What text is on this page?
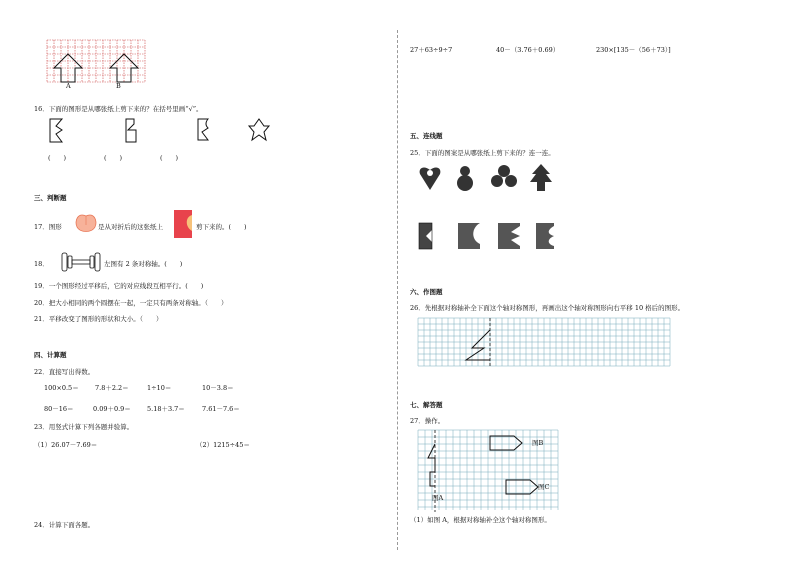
A	B
16．下面的图形是从哪张纸上剪下来的？在括号里画“√”。
(　　)	(　　)	(　　)
三、判断题
17．图形	是从对折后的这张纸上	剪下来的。(　　)
18．	左图有 2 条对称轴。(　　)
19．一个图形经过平移后，它的对应线段互相平行。(　　)
20．把大小相同的两个圆摆在一起，一定只有两条对称轴。（　　）
21．平移改变了图形的形状和大小。（　　）
四、计算题
22．直接写出得数。
100×0.5＝	7.8＋2.2＝	1÷10＝	10－3.8＝
80－16＝	0.09＋0.9＝ 5.18＋3.7＝	7.61－7.6＝
23．用竖式计算下列各题并验算。
（1）26.07－7.69＝	（2）1215÷45＝
24．计算下面各题。
27＋63÷9÷7	40－（3.76＋0.69）	230×[135－（56＋73）]
五、连线题
25．下面的图案是从哪张纸上剪下来的？连一连。
六、作图题
26．先根据对称轴补全下面这个轴对称图形，再画出这个轴对称图形向右平移 10 格后的图形。
七、解答题
27．操作。
图B
图C
图A
（1）如图 A，根据对称轴补全这个轴对称图形。
